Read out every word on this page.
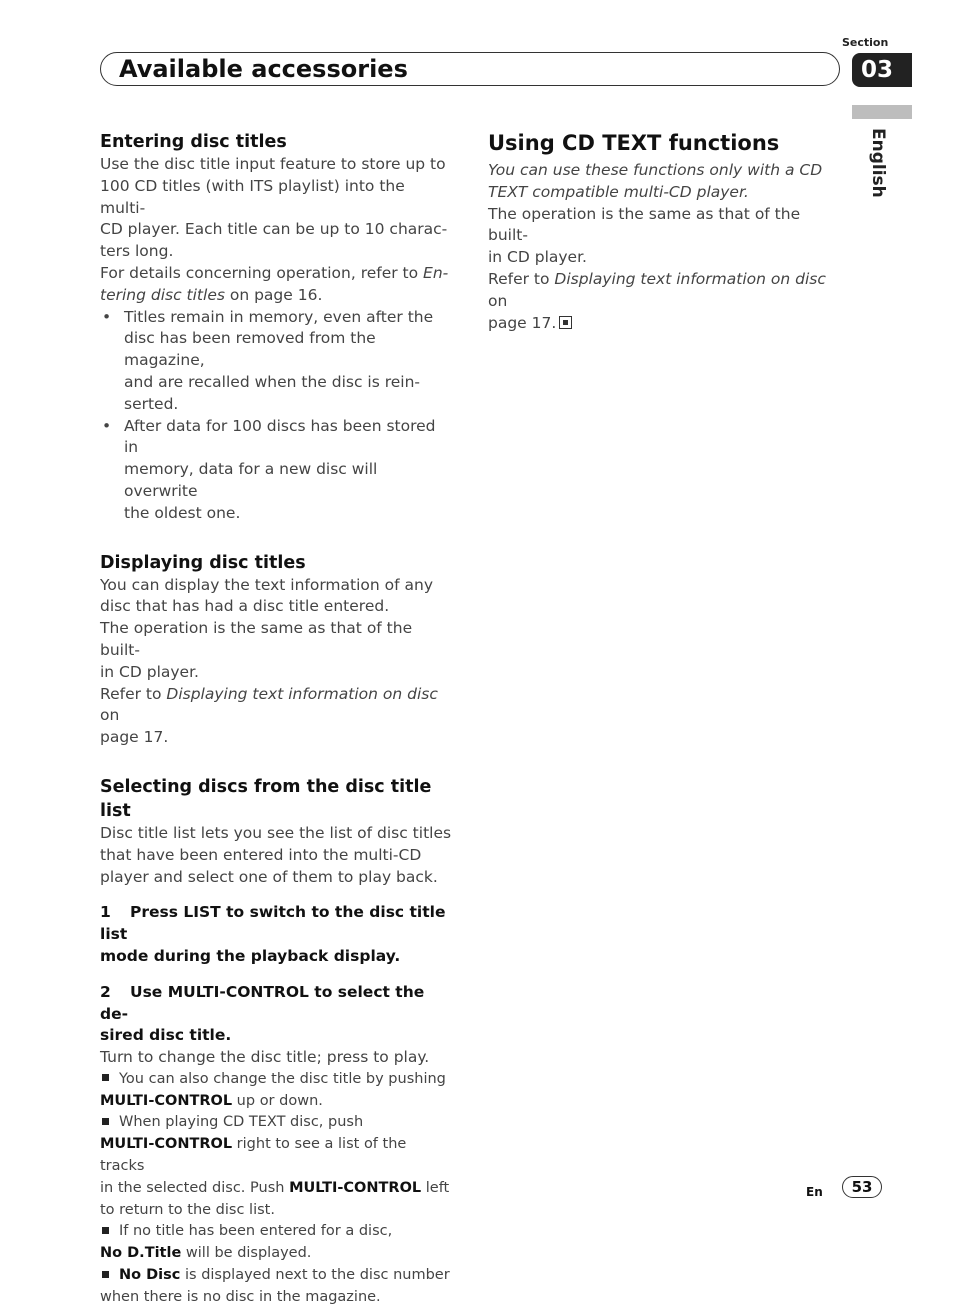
Section
Available accessories	03
English
Entering disc titles

Use the disc title input feature to store up to

100 CD titles (with ITS playlist) into the multi-

CD player. Each title can be up to 10 charac-

ters long.

For details concerning operation, refer to En-

tering disc titles on page 16.

• Titles remain in memory, even after the
disc has been removed from the magazine,
and are recalled when the disc is rein-
serted.
• After data for 100 discs has been stored in
memory, data for a new disc will overwrite
the oldest one.
Displaying disc titles

You can display the text information of any

disc that has had a disc title entered.

The operation is the same as that of the built-

in CD player.

Refer to Displaying text information on disc on

page 17.

Selecting discs from the disc title list

Disc title list lets you see the list of disc titles

that have been entered into the multi-CD

player and select one of them to play back.

1 Press LIST to switch to the disc title list

mode during the playback display.

2 Use MULTI-CONTROL to select the de-

sired disc title.

Turn to change the disc title; press to play.

You can also change the disc title by pushing

MULTI-CONTROL up or down.

When playing CD TEXT disc, push

MULTI-CONTROL right to see a list of the tracks

in the selected disc. Push MULTI-CONTROL left

to return to the disc list.

If no title has been entered for a disc,

No D.Title will be displayed.

No Disc is displayed next to the disc number

when there is no disc in the magazine.

Using CD TEXT functions

You can use these functions only with a CD

TEXT compatible multi-CD player.

The operation is the same as that of the built-

in CD player.

Refer to Displaying text information on disc on

page 17.

En	53
